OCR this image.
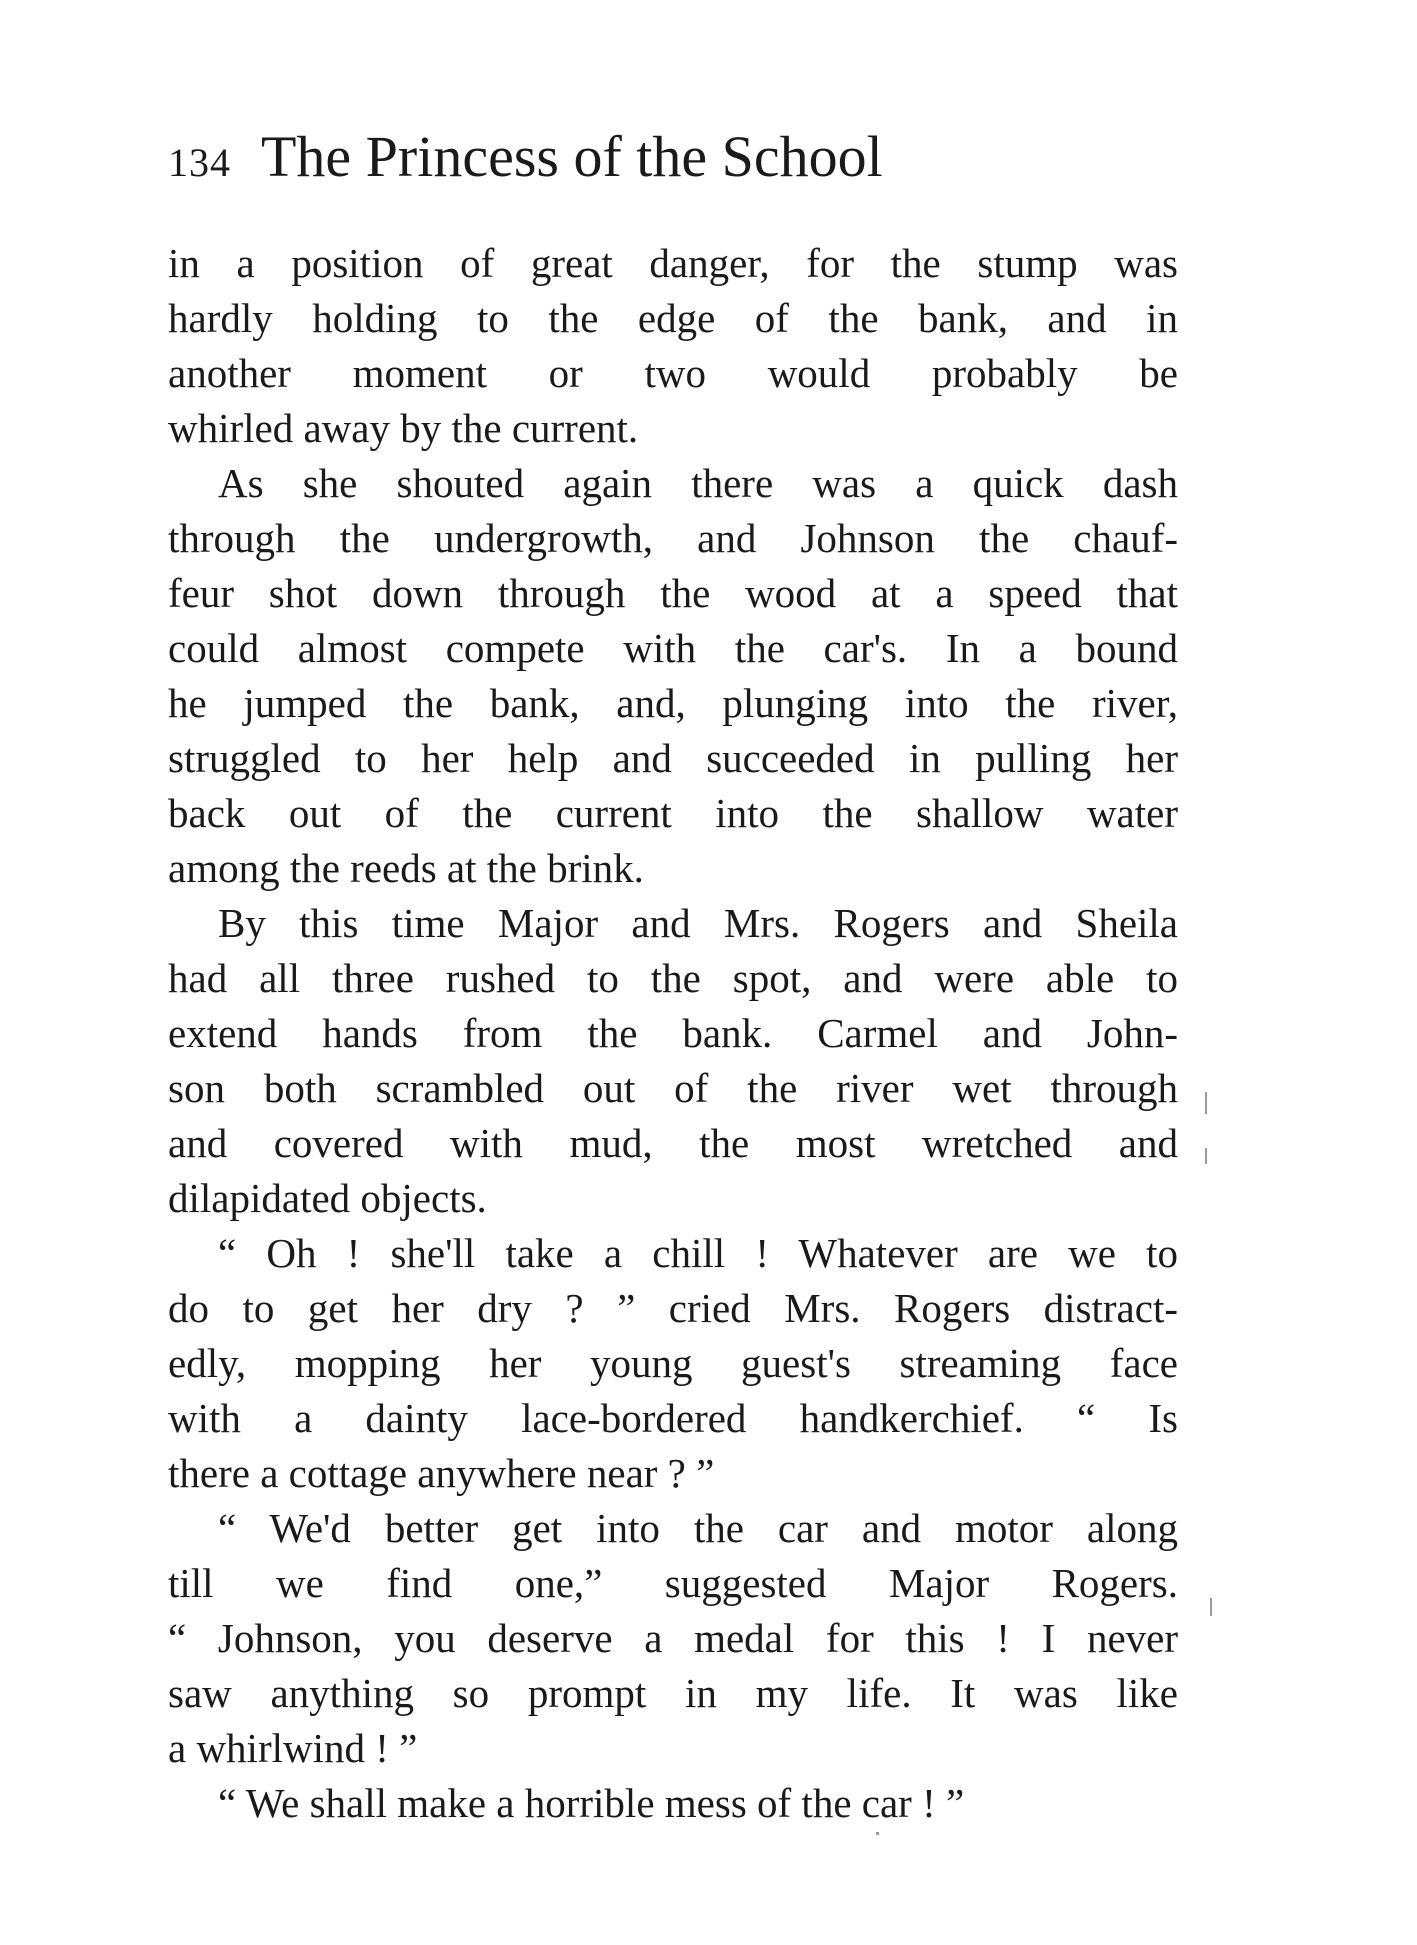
134 The Princess of the School
in a position of great danger, for the stump was
hardly holding to the edge of the bank, and in
another moment or two would probably be
whirled away by the current.
As she shouted again there was a quick dash
through the undergrowth, and Johnson the chauf-
feur shot down through the wood at a speed that
could almost compete with the car's. In a bound
he jumped the bank, and, plunging into the river,
struggled to her help and succeeded in pulling her
back out of the current into the shallow water
among the reeds at the brink.
By this time Major and Mrs. Rogers and Sheila
had all three rushed to the spot, and were able to
extend hands from the bank. Carmel and John-
son both scrambled out of the river wet through
and covered with mud, the most wretched and
dilapidated objects.
“ Oh ! she'll take a chill ! Whatever are we to
do to get her dry ? ” cried Mrs. Rogers distract-
edly, mopping her young guest's streaming face
with a dainty lace-bordered handkerchief. “ Is
there a cottage anywhere near ? ”
“ We'd better get into the car and motor along
till we find one,” suggested Major Rogers.
“ Johnson, you deserve a medal for this ! I never
saw anything so prompt in my life. It was like
a whirlwind ! ”
“ We shall make a horrible mess of the car ! ”
